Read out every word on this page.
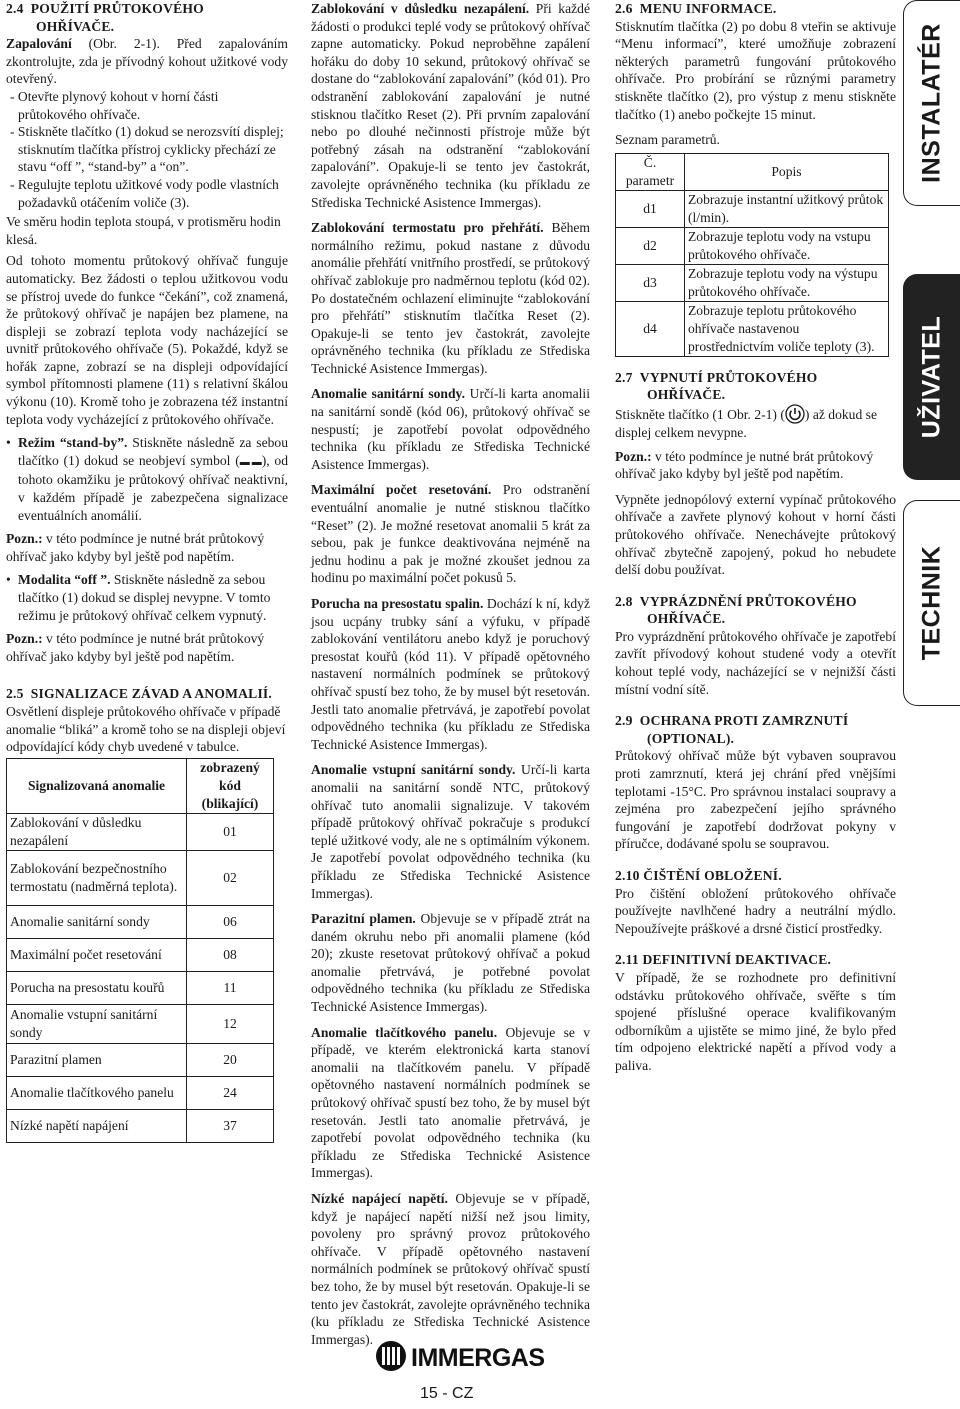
2.4 POUŽITÍ PRŮTOKOVÉHO
OHŘÍVAČE.

Zapalování (Obr. 2-1). Před zapalováním zkontrolujte, zda je přívodný kohout užitkové vody otevřený.

- Otevřte plynový kohout v horní části průtokového ohřívače.

- Stiskněte tlačítko (1) dokud se nerozsvítí displej; stisknutím tlačítka přístroj cyklicky přechází ze stavu “off ”, “stand-by” a “on”.

- Regulujte teplotu užitkové vody podle vlastních požadavků otáčením voliče (3).

Ve směru hodin teplota stoupá, v protisměru hodin klesá.

Od tohoto momentu průtokový ohřívač funguje automaticky. Bez žádosti o teplou užitkovou vodu se přístroj uvede do funkce “čekání”, což znamená, že průtokový ohřívač je napájen bez plamene, na displeji se zobrazí teplota vody nacházející se uvnitř průtokového ohřívače (5). Pokaždé, když se hořák zapne, zobrazí se na displeji odpovídající symbol přítomnosti plamene (11) s relativní škálou výkonu (10). Kromě toho je zobrazena též instantní teplota vody vycházející z průtokového ohřívače.

• Režim “stand-by”. Stiskněte následně za sebou tlačítko (1) dokud se neobjeví symbol (▬ ▬), od tohoto okamžiku je průtokový ohřívač neaktivní, v každém případě je zabezpečena signalizace eventuálních anomálií.

Pozn.: v této podmínce je nutné brát průtokový ohřívač jako kdyby byl ještě pod napětím.

• Modalita “off ”. Stiskněte následně za sebou tlačítko (1) dokud se displej nevypne. V tomto režimu je průtokový ohřívač celkem vypnutý.

Pozn.: v této podmínce je nutné brát průtokový ohřívač jako kdyby byl ještě pod napětím.

2.5 SIGNALIZACE ZÁVAD A ANOMALIÍ.

Osvětlení displeje průtokového ohřívače v případě anomalie “bliká” a kromě toho se na displeji objeví odpovídající kódy chyb uvedené v tabulce.

Signalizovaná anomalie	zobrazený kód (blikající)
Zablokování v důsledku nezapálení	01
Zablokování bezpečnostního termostatu (nadměrná teplota).	02
Anomalie sanitární sondy	06
Maximální počet resetování	08
Porucha na presostatu kouřů	11
Anomalie vstupní sanitární sondy	12
Parazitní plamen	20
Anomalie tlačítkového panelu	24
Nízké napětí napájení	37

Zablokování v důsledku nezapálení. Při každé žádosti o produkci teplé vody se průtokový ohřívač zapne automaticky. Pokud neproběhne zapálení hořáku do doby 10 sekund, průtokový ohřívač se dostane do “zablokování zapalování” (kód 01). Pro odstranění zablokování zapalování je nutné stisknou tlačítko Reset (2). Při prvním zapalování nebo po dlouhé nečinnosti přístroje může být potřebný zásah na odstranění “zablokování zapalování”. Opakuje-li se tento jev častokrát, zavolejte oprávněného technika (ku příkladu ze Střediska Technické Asistence Immergas).

Zablokování termostatu pro přehřátí. Během normálního režimu, pokud nastane z důvodu anomálie přehřátí vnitřního prostředí, se průtokový ohřívač zablokuje pro nadměrnou teplotu (kód 02). Po dostatečném ochlazení eliminujte “zablokování pro přehřátí” stisknutím tlačítka Reset (2). Opakuje-li se tento jev častokrát, zavolejte oprávněného technika (ku příkladu ze Střediska Technické Asistence Immergas).

Anomalie sanitární sondy. Určí-li karta anomalii na sanitární sondě (kód 06), průtokový ohřívač se nespustí; je zapotřebí povolat odpovědného technika (ku příkladu ze Střediska Technické Asistence Immergas).

Maximální počet resetování. Pro odstranění eventuální anomalie je nutné stisknou tlačítko “Reset” (2). Je možné resetovat anomalii 5 krát za sebou, pak je funkce deaktivována nejméně na jednu hodinu a pak je možné zkoušet jednou za hodinu po maximální počet pokusů 5.

Porucha na presostatu spalin. Dochází k ní, když jsou ucpány trubky sání a výfuku, v případě zablokování ventilátoru anebo když je poruchový presostat kouřů (kód 11). V případě opětovného nastavení normálních podmínek se průtokový ohřívač spustí bez toho, že by musel být resetován. Jestli tato anomalie přetrvává, je zapotřebí povolat odpovědného technika (ku příkladu ze Střediska Technické Asistence Immergas).

Anomalie vstupní sanitární sondy. Určí-li karta anomalii na sanitární sondě NTC, průtokový ohřívač tuto anomalii signalizuje. V takovém případě průtokový ohřívač pokračuje s produkcí teplé užitkové vody, ale ne s optimálním výkonem. Je zapotřebí povolat odpovědného technika (ku příkladu ze Střediska Technické Asistence Immergas).

Parazitní plamen. Objevuje se v případě ztrát na daném okruhu nebo při anomalii plamene (kód 20); zkuste resetovat průtokový ohřívač a pokud anomalie přetrvává, je potřebné povolat odpovědného technika (ku příkladu ze Střediska Technické Asistence Immergas).

Anomalie tlačítkového panelu. Objevuje se v případě, ve kterém elektronická karta stanoví anomalii na tlačítkovém panelu. V případě opětovného nastavení normálních podmínek se průtokový ohřívač spustí bez toho, že by musel být resetován. Jestli tato anomalie přetrvává, je zapotřebí povolat odpovědného technika (ku příkladu ze Střediska Technické Asistence Immergas).

Nízké napájecí napětí. Objevuje se v případě, když je napájecí napětí nižší než jsou limity, povoleny pro správný provoz průtokového ohřívače. V případě opětovného nastavení normálních podmínek se průtokový ohřívač spustí bez toho, že by musel být resetován. Opakuje-li se tento jev častokrát, zavolejte oprávněného technika (ku příkladu ze Střediska Technické Asistence Immergas).

2.6 MENU INFORMACE.

Stisknutím tlačítka (2) po dobu 8 vteřin se aktivuje “Menu informací”, které umožňuje zobrazení některých parametrů fungování průtokového ohřívače. Pro probírání se různými parametry stiskněte tlačítko (2), pro výstup z menu stiskněte tlačítko (1) anebo počkejte 15 minut.

Seznam parametrů.

Č. parametr	Popis
d1	Zobrazuje instantní užitkový průtok (l/min).
d2	Zobrazuje teplotu vody na vstupu průtokového ohřívače.
d3	Zobrazuje teplotu vody na výstupu průtokového ohřívače.
d4	Zobrazuje teplotu průtokového ohřívače nastavenou prostřednictvím voliče teploty (3).

2.7 VYPNUTÍ PRŮTOKOVÉHO
OHŘÍVAČE.

Stiskněte tlačítko (1 Obr. 2-1) ( ) až dokud se displej celkem nevypne.

Pozn.: v této podmínce je nutné brát průtokový ohřívač jako kdyby byl ještě pod napětím.

Vypněte jednopólový externí vypínač průtokového ohřívače a zavřete plynový kohout v horní části průtokového ohřívače. Nenechávejte průtokový ohřívač zbytečně zapojený, pokud ho nebudete delší dobu používat.

2.8 VYPRÁZDNĚNÍ PRŮTOKOVÉHO
OHŘÍVAČE.

Pro vyprázdnění průtokového ohřívače je zapotřebí zavřít přívodový kohout studené vody a otevřít kohout teplé vody, nacházející se v nejnižší části místní vodní sítě.

2.9 OCHRANA PROTI ZAMRZNUTÍ
(OPTIONAL).

Průtokový ohřívač může být vybaven soupravou proti zamrznutí, která jej chrání před vnějšími teplotami -15°C. Pro správnou instalaci soupravy a zejména pro zabezpečení jejího správného fungování je zapotřebí dodržovat pokyny v příručce, dodávané spolu se soupravou.

2.10 ČIŠTĚNÍ OBLOŽENÍ.

Pro čištění obložení průtokového ohřívače používejte navlhčené hadry a neutrální mýdlo. Nepoužívejte práškové a drsné čisticí prostředky.

2.11 DEFINITIVNÍ DEAKTIVACE.

V případě, že se rozhodnete pro definitivní odstávku průtokového ohřívače, svěřte s tím spojené příslušné operace kvalifikovaným odborníkům a ujistěte se mimo jiné, že bylo před tím odpojeno elektrické napětí a přívod vody a paliva.

INSTALATÉR
UŽIVATEL
TECHNIK
IMMERGAS
15 - CZ
